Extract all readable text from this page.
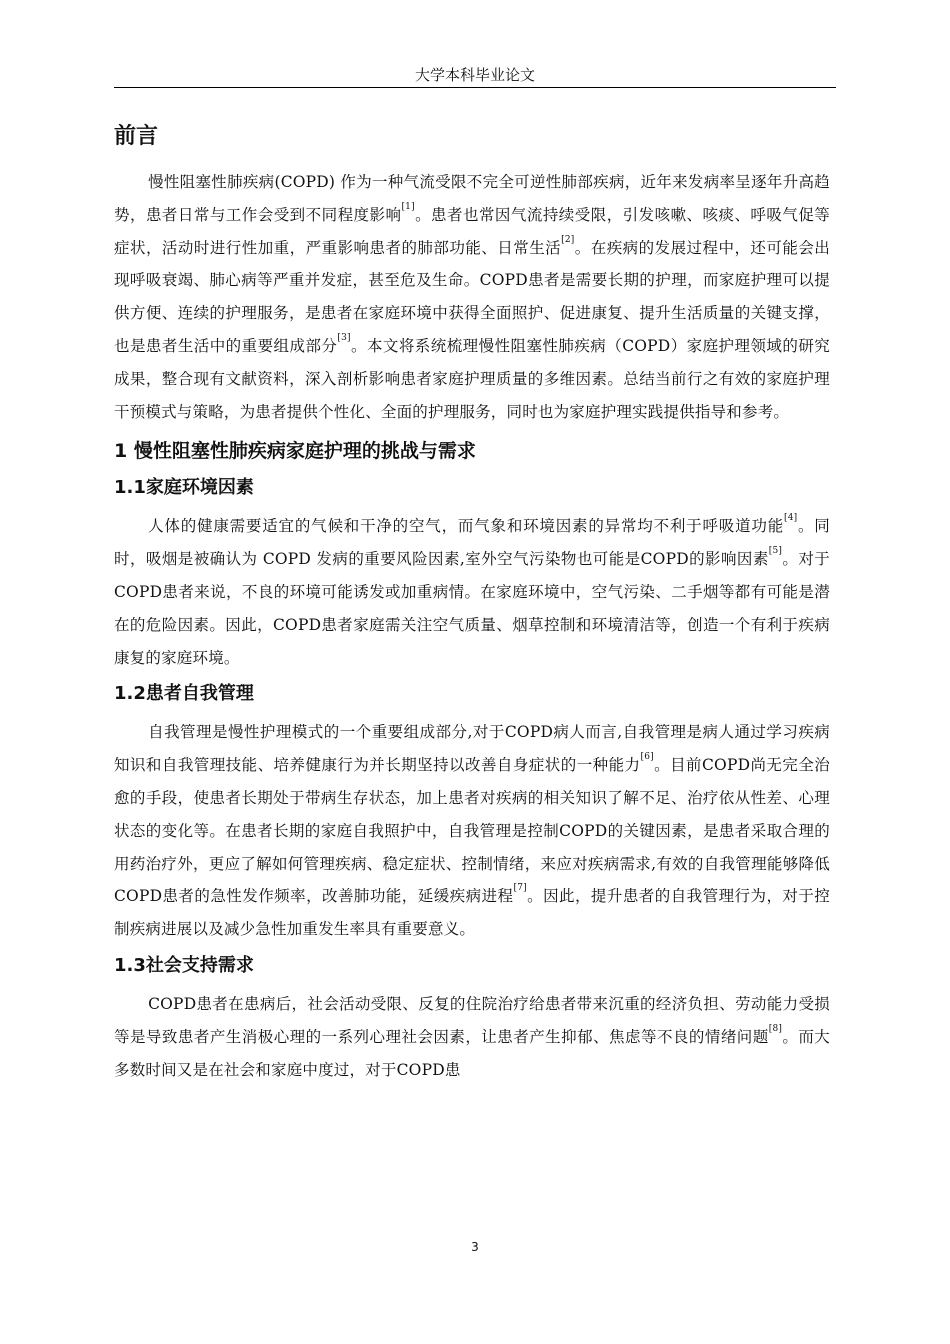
大学本科毕业论文
前言

慢性阻塞性肺疾病(COPD) 作为一种气流受限不完全可逆性肺部疾病，近年来发病率呈逐年升高趋势，患者日常与工作会受到不同程度影响[1]。患者也常因气流持续受限，引发咳嗽、咳痰、呼吸气促等症状，活动时进行性加重，严重影响患者的肺部功能、日常生活[2]。在疾病的发展过程中，还可能会出现呼吸衰竭、肺心病等严重并发症，甚至危及生命。COPD患者是需要长期的护理，而家庭护理可以提供方便、连续的护理服务，是患者在家庭环境中获得全面照护、促进康复、提升生活质量的关键支撑，也是患者生活中的重要组成部分[3]。本文将系统梳理慢性阻塞性肺疾病（COPD）家庭护理领域的研究成果，整合现有文献资料，深入剖析影响患者家庭护理质量的多维因素。总结当前行之有效的家庭护理干预模式与策略，为患者提供个性化、全面的护理服务，同时也为家庭护理实践提供指导和参考。

1 慢性阻塞性肺疾病家庭护理的挑战与需求
1.1家庭环境因素

人体的健康需要适宜的气候和干净的空气，而气象和环境因素的异常均不利于呼吸道功能[4]。同时，吸烟是被确认为 COPD 发病的重要风险因素,室外空气污染物也可能是COPD的影响因素[5]。对于COPD患者来说，不良的环境可能诱发或加重病情。在家庭环境中，空气污染、二手烟等都有可能是潜在的危险因素。因此，COPD患者家庭需关注空气质量、烟草控制和环境清洁等，创造一个有利于疾病康复的家庭环境。

1.2患者自我管理

自我管理是慢性护理模式的一个重要组成部分,对于COPD病人而言,自我管理是病人通过学习疾病知识和自我管理技能、培养健康行为并长期坚持以改善自身症状的一种能力[6]。目前COPD尚无完全治愈的手段，使患者长期处于带病生存状态，加上患者对疾病的相关知识了解不足、治疗依从性差、心理状态的变化等。在患者长期的家庭自我照护中，自我管理是控制COPD的关键因素，是患者采取合理的用药治疗外，更应了解如何管理疾病、稳定症状、控制情绪，来应对疾病需求,有效的自我管理能够降低COPD患者的急性发作频率，改善肺功能，延缓疾病进程[7]。因此，提升患者的自我管理行为，对于控制疾病进展以及减少急性加重发生率具有重要意义。

1.3社会支持需求

COPD患者在患病后，社会活动受限、反复的住院治疗给患者带来沉重的经济负担、劳动能力受损等是导致患者产生消极心理的一系列心理社会因素，让患者产生抑郁、焦虑等不良的情绪问题[8]。而大多数时间又是在社会和家庭中度过，对于COPD患

3
